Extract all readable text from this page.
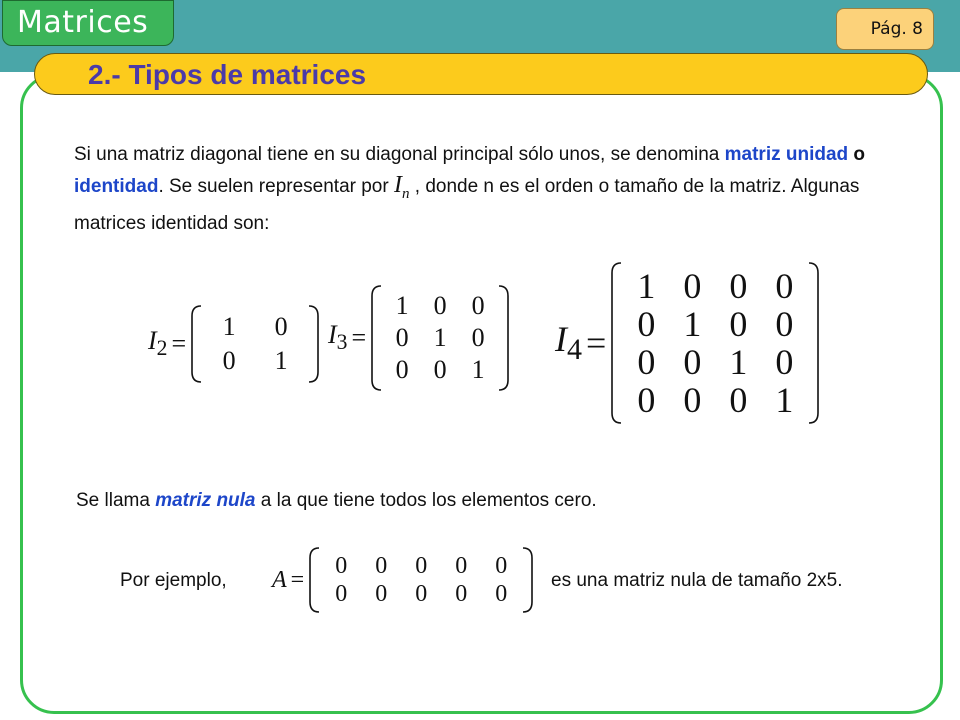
Matrices	Pág. 8
2.- Tipos de matrices

Si una matriz diagonal tiene en su diagonal principal sólo unos, se denomina matriz unidad o identidad. Se suelen representar por $I_n$ , donde n es el orden o tamaño de la matriz. Algunas matrices identidad son:

$I_2$ =
1 0
0 1
$I_3$ =
1 0 0
0 1 0
0 0 1
$I_4$ =
1 0 0 0
0 1 0 0
0 0 1 0
0 0 0 1
Se llama matriz nula a la que tiene todos los elementos cero.
Por ejemplo, A =
0 0 0 0 0
0 0 0 0 0 es una matriz nula de tamaño 2x5.
